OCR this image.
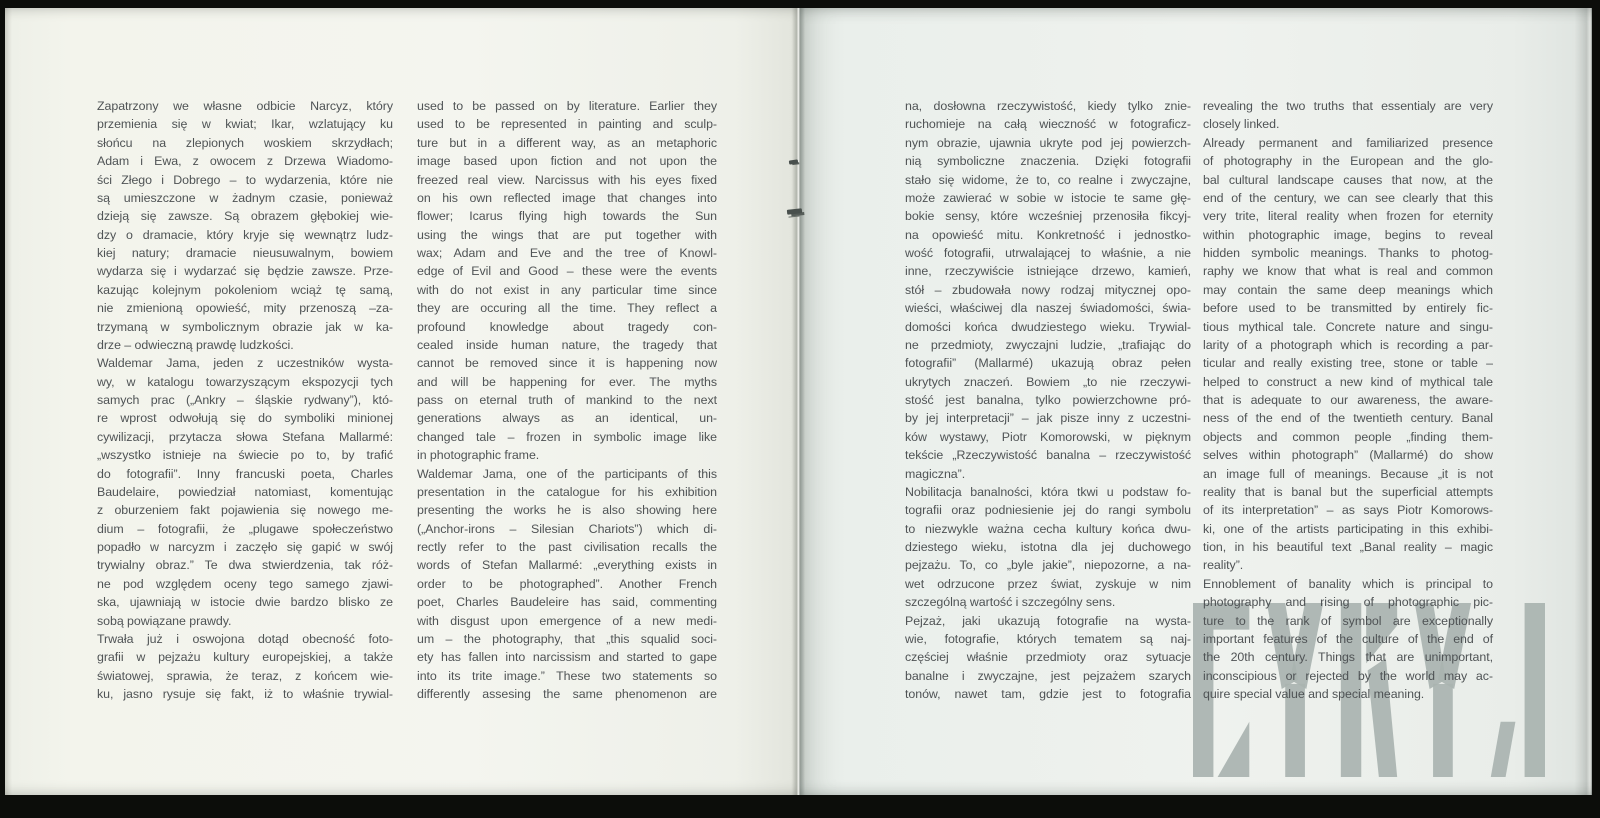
Zapatrzony we własne odbicie Narcyz, który
przemienia się w kwiat; Ikar, wzlatujący ku
słońcu na zlepionych woskiem skrzydłach;
Adam i Ewa, z owocem z Drzewa Wiadomo-
ści Złego i Dobrego – to wydarzenia, które nie
są umieszczone w żadnym czasie, ponieważ
dzieją się zawsze. Są obrazem głębokiej wie-
dzy o dramacie, który kryje się wewnątrz ludz-
kiej natury; dramacie nieusuwalnym, bowiem
wydarza się i wydarzać się będzie zawsze. Prze-
kazując kolejnym pokoleniom wciąż tę samą,
nie zmienioną opowieść, mity przenoszą –za-
trzymaną w symbolicznym obrazie jak w ka-
drze – odwieczną prawdę ludzkości.
Waldemar Jama, jeden z uczestników wysta-
wy, w katalogu towarzyszącym ekspozycji tych
samych prac („Ankry – śląskie rydwany”), któ-
re wprost odwołują się do symboliki minionej
cywilizacji, przytacza słowa Stefana Mallarmé:
„wszystko istnieje na świecie po to, by trafić
do fotografii”. Inny francuski poeta, Charles
Baudelaire, powiedział natomiast, komentując
z oburzeniem fakt pojawienia się nowego me-
dium – fotografii, że „plugawe społeczeństwo
popadło w narcyzm i zaczęło się gapić w swój
trywialny obraz.” Te dwa stwierdzenia, tak róż-
ne pod względem oceny tego samego zjawi-
ska, ujawniają w istocie dwie bardzo blisko ze
sobą powiązane prawdy.
Trwała już i oswojona dotąd obecność foto-
grafii w pejzażu kultury europejskiej, a także
światowej, sprawia, że teraz, z końcem wie-
ku, jasno rysuje się fakt, iż to właśnie trywial-
used to be passed on by literature. Earlier they
used to be represented in painting and sculp-
ture but in a different way, as an metaphoric
image based upon fiction and not upon the
freezed real view. Narcissus with his eyes fixed
on his own reflected image that changes into
flower; Icarus flying high towards the Sun
using the wings that are put together with
wax; Adam and Eve and the tree of Knowl-
edge of Evil and Good – these were the events
with do not exist in any particular time since
they are occuring all the time. They reflect a
profound knowledge about tragedy con-
cealed inside human nature, the tragedy that
cannot be removed since it is happening now
and will be happening for ever. The myths
pass on eternal truth of mankind to the next
generations always as an identical, un-
changed tale – frozen in symbolic image like
in photographic frame.
Waldemar Jama, one of the participants of this
presentation in the catalogue for his exhibition
presenting the works he is also showing here
(„Anchor-irons – Silesian Chariots”) which di-
rectly refer to the past civilisation recalls the
words of Stefan Mallarmé: „everything exists in
order to be photographed”. Another French
poet, Charles Baudeleire has said, commenting
with disgust upon emergence of a new medi-
um – the photography, that „this squalid soci-
ety has fallen into narcissism and started to gape
into its trite image.” These two statements so
differently assesing the same phenomenon are
na, dosłowna rzeczywistość, kiedy tylko znie-
ruchomieje na całą wieczność w fotograficz-
nym obrazie, ujawnia ukryte pod jej powierzch-
nią symboliczne znaczenia. Dzięki fotografii
stało się widome, że to, co realne i zwyczajne,
może zawierać w sobie w istocie te same głę-
bokie sensy, które wcześniej przenosiła fikcyj-
na opowieść mitu. Konkretność i jednostko-
wość fotografii, utrwalającej to właśnie, a nie
inne, rzeczywiście istniejące drzewo, kamień,
stół – zbudowała nowy rodzaj mitycznej opo-
wieści, właściwej dla naszej świadomości, świa-
domości końca dwudziestego wieku. Trywial-
ne przedmioty, zwyczajni ludzie, „trafiając do
fotografii” (Mallarmé) ukazują obraz pełen
ukrytych znaczeń. Bowiem „to nie rzeczywi-
stość jest banalna, tylko powierzchowne pró-
by jej interpretacji” – jak pisze inny z uczestni-
ków wystawy, Piotr Komorowski, w pięknym
tekście „Rzeczywistość banalna – rzeczywistość
magiczna”.
Nobilitacja banalności, która tkwi u podstaw fo-
tografii oraz podniesienie jej do rangi symbolu
to niezwykle ważna cecha kultury końca dwu-
dziestego wieku, istotna dla jej duchowego
pejzażu. To, co „byle jakie”, niepozorne, a na-
wet odrzucone przez świat, zyskuje w nim
szczególną wartość i szczególny sens.
Pejzaż, jaki ukazują fotografie na wysta-
wie, fotografie, których tematem są naj-
częściej właśnie przedmioty oraz sytuacje
banalne i zwyczajne, jest pejzażem szarych
tonów, nawet tam, gdzie jest to fotografia
revealing the two truths that essentialy are very
closely linked.
Already permanent and familiarized presence
of photography in the European and the glo-
bal cultural landscape causes that now, at the
end of the century, we can see clearly that this
very trite, literal reality when frozen for eternity
within photographic image, begins to reveal
hidden symbolic meanings. Thanks to photog-
raphy we know that what is real and common
may contain the same deep meanings which
before used to be transmitted by entirely fic-
tious mythical tale. Concrete nature and singu-
larity of a photograph which is recording a par-
ticular and really existing tree, stone or table –
helped to construct a new kind of mythical tale
that is adequate to our awareness, the aware-
ness of the end of the twentieth century. Banal
objects and common people „finding them-
selves within photograph” (Mallarmé) do show
an image full of meanings. Because „it is not
reality that is banal but the superficial attempts
of its interpretation” – as says Piotr Komorows-
ki, one of the artists participating in this exhibi-
tion, in his beautiful text „Banal reality – magic
reality”.
Ennoblement of banality which is principal to
photography and rising of photographic pic-
ture to the rank of symbol are exceptionally
important features of the culture of the end of
the 20th century. Things that are unimportant,
inconscipious or rejected by the world may ac-
quire special value and special meaning.
